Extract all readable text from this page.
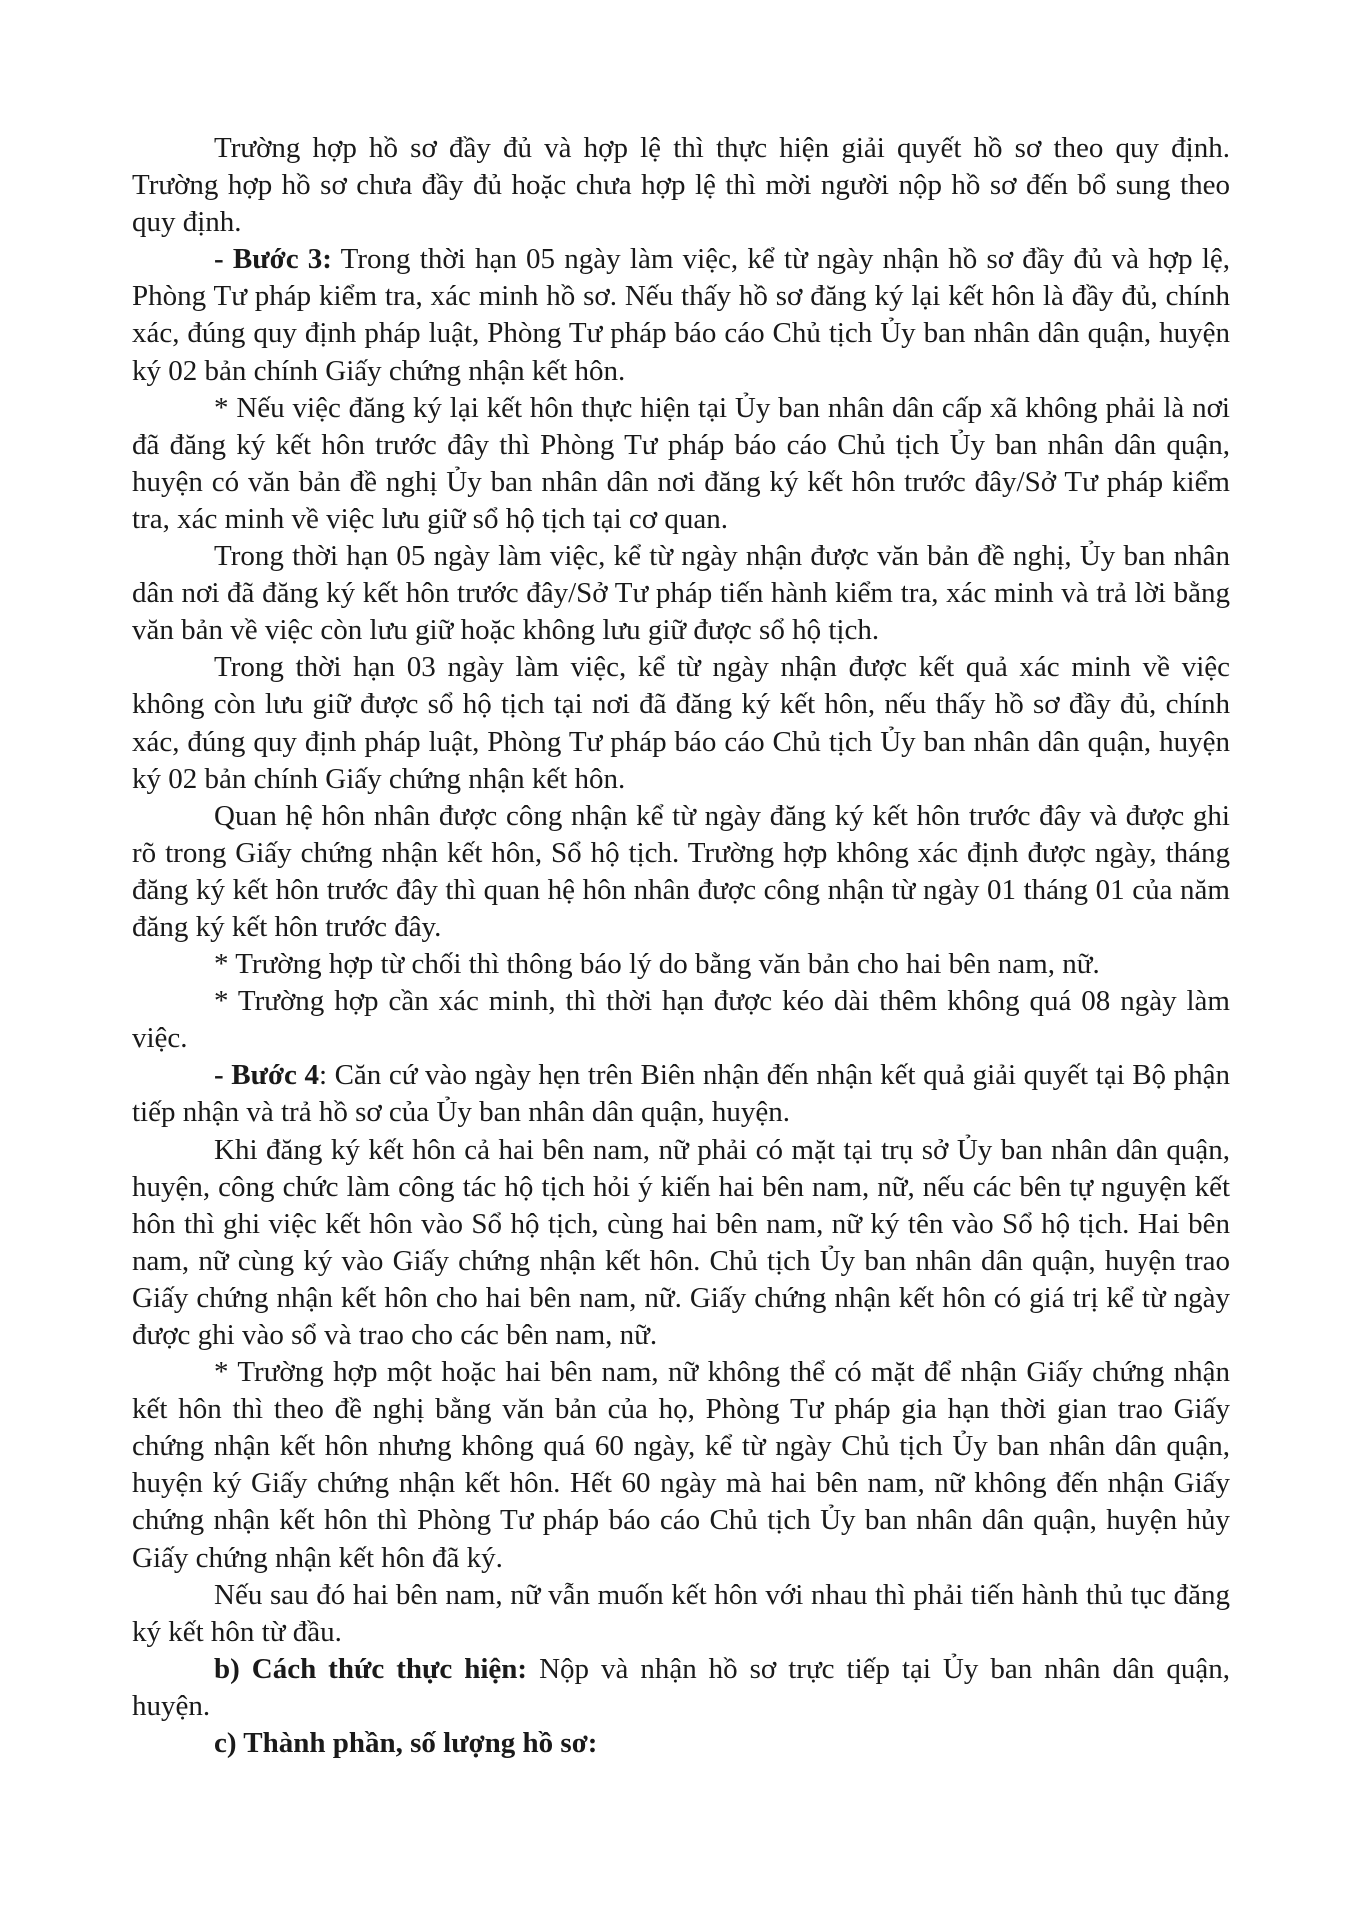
Trường hợp hồ sơ đầy đủ và hợp lệ thì thực hiện giải quyết hồ sơ theo quy định. Trường hợp hồ sơ chưa đầy đủ hoặc chưa hợp lệ thì mời người nộp hồ sơ đến bổ sung theo quy định.

- Bước 3: Trong thời hạn 05 ngày làm việc, kể từ ngày nhận hồ sơ đầy đủ và hợp lệ, Phòng Tư pháp kiểm tra, xác minh hồ sơ. Nếu thấy hồ sơ đăng ký lại kết hôn là đầy đủ, chính xác, đúng quy định pháp luật, Phòng Tư pháp báo cáo Chủ tịch Ủy ban nhân dân quận, huyện ký 02 bản chính Giấy chứng nhận kết hôn.

* Nếu việc đăng ký lại kết hôn thực hiện tại Ủy ban nhân dân cấp xã không phải là nơi đã đăng ký kết hôn trước đây thì Phòng Tư pháp báo cáo Chủ tịch Ủy ban nhân dân quận, huyện có văn bản đề nghị Ủy ban nhân dân nơi đăng ký kết hôn trước đây/Sở Tư pháp kiểm tra, xác minh về việc lưu giữ sổ hộ tịch tại cơ quan.

Trong thời hạn 05 ngày làm việc, kể từ ngày nhận được văn bản đề nghị, Ủy ban nhân dân nơi đã đăng ký kết hôn trước đây/Sở Tư pháp tiến hành kiểm tra, xác minh và trả lời bằng văn bản về việc còn lưu giữ hoặc không lưu giữ được sổ hộ tịch.

Trong thời hạn 03 ngày làm việc, kể từ ngày nhận được kết quả xác minh về việc không còn lưu giữ được sổ hộ tịch tại nơi đã đăng ký kết hôn, nếu thấy hồ sơ đầy đủ, chính xác, đúng quy định pháp luật, Phòng Tư pháp báo cáo Chủ tịch Ủy ban nhân dân quận, huyện ký 02 bản chính Giấy chứng nhận kết hôn.

Quan hệ hôn nhân được công nhận kể từ ngày đăng ký kết hôn trước đây và được ghi rõ trong Giấy chứng nhận kết hôn, Sổ hộ tịch. Trường hợp không xác định được ngày, tháng đăng ký kết hôn trước đây thì quan hệ hôn nhân được công nhận từ ngày 01 tháng 01 của năm đăng ký kết hôn trước đây.

* Trường hợp từ chối thì thông báo lý do bằng văn bản cho hai bên nam, nữ.

* Trường hợp cần xác minh, thì thời hạn được kéo dài thêm không quá 08 ngày làm việc.

- Bước 4: Căn cứ vào ngày hẹn trên Biên nhận đến nhận kết quả giải quyết tại Bộ phận tiếp nhận và trả hồ sơ của Ủy ban nhân dân quận, huyện.

Khi đăng ký kết hôn cả hai bên nam, nữ phải có mặt tại trụ sở Ủy ban nhân dân quận, huyện, công chức làm công tác hộ tịch hỏi ý kiến hai bên nam, nữ, nếu các bên tự nguyện kết hôn thì ghi việc kết hôn vào Sổ hộ tịch, cùng hai bên nam, nữ ký tên vào Sổ hộ tịch. Hai bên nam, nữ cùng ký vào Giấy chứng nhận kết hôn. Chủ tịch Ủy ban nhân dân quận, huyện trao Giấy chứng nhận kết hôn cho hai bên nam, nữ. Giấy chứng nhận kết hôn có giá trị kể từ ngày được ghi vào sổ và trao cho các bên nam, nữ.

* Trường hợp một hoặc hai bên nam, nữ không thể có mặt để nhận Giấy chứng nhận kết hôn thì theo đề nghị bằng văn bản của họ, Phòng Tư pháp gia hạn thời gian trao Giấy chứng nhận kết hôn nhưng không quá 60 ngày, kể từ ngày Chủ tịch Ủy ban nhân dân quận, huyện ký Giấy chứng nhận kết hôn. Hết 60 ngày mà hai bên nam, nữ không đến nhận Giấy chứng nhận kết hôn thì Phòng Tư pháp báo cáo Chủ tịch Ủy ban nhân dân quận, huyện hủy Giấy chứng nhận kết hôn đã ký.

Nếu sau đó hai bên nam, nữ vẫn muốn kết hôn với nhau thì phải tiến hành thủ tục đăng ký kết hôn từ đầu.

b) Cách thức thực hiện: Nộp và nhận hồ sơ trực tiếp tại Ủy ban nhân dân quận, huyện.

c) Thành phần, số lượng hồ sơ:
